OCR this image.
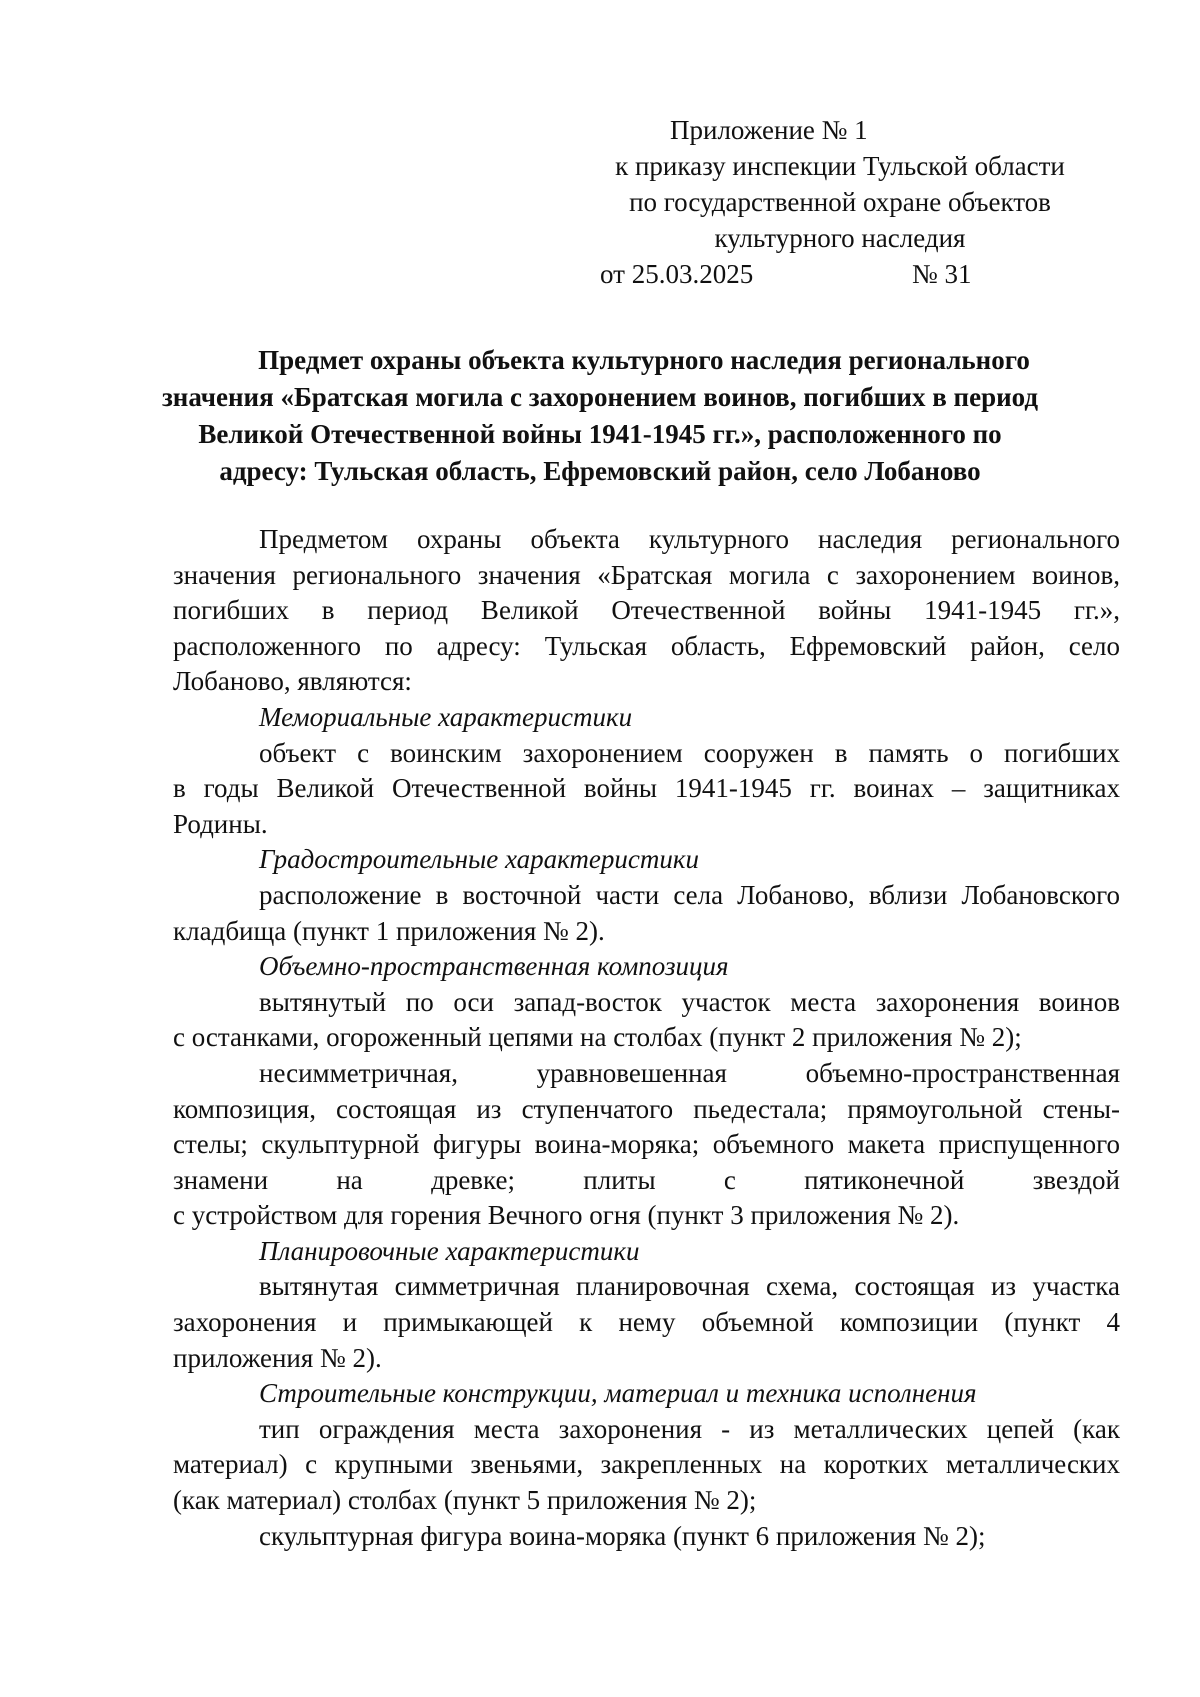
Приложение № 1
к приказу инспекции Тульской области
по государственной охране объектов
культурного наследия
от 25.03.2025	№ 31
Предмет охраны объекта культурного наследия регионального
значения «Братская могила с захоронением воинов, погибших в период
Великой Отечественной войны 1941-1945 гг.», расположенного по
адресу: Тульская область, Ефремовский район, село Лобаново
Предметом охраны объекта культурного наследия регионального
значения регионального значения «Братская могила с захоронением воинов,
погибших в период Великой Отечественной войны 1941-1945 гг.»,
расположенного по адресу: Тульская область, Ефремовский район, село
Лобаново, являются:
Мемориальные характеристики
объект с воинским захоронением сооружен в память о погибших
в годы Великой Отечественной войны 1941-1945 гг. воинах – защитниках
Родины.
Градостроительные характеристики
расположение в восточной части села Лобаново, вблизи Лобановского
кладбища (пункт 1 приложения № 2).
Объемно-пространственная композиция
вытянутый по оси запад-восток участок места захоронения воинов
с останками, огороженный цепями на столбах (пункт 2 приложения № 2);
несимметричная, уравновешенная объемно-пространственная
композиция, состоящая из ступенчатого пьедестала; прямоугольной стены-
стелы; скульптурной фигуры воина-моряка; объемного макета приспущенного
знамени на древке; плиты с пятиконечной звездой
с устройством для горения Вечного огня (пункт 3 приложения № 2).
Планировочные характеристики
вытянутая симметричная планировочная схема, состоящая из участка
захоронения и примыкающей к нему объемной композиции (пункт 4
приложения № 2).
Строительные конструкции, материал и техника исполнения
тип ограждения места захоронения - из металлических цепей (как
материал) с крупными звеньями, закрепленных на коротких металлических
(как материал) столбах (пункт 5 приложения № 2);
скульптурная фигура воина-моряка (пункт 6 приложения № 2);
